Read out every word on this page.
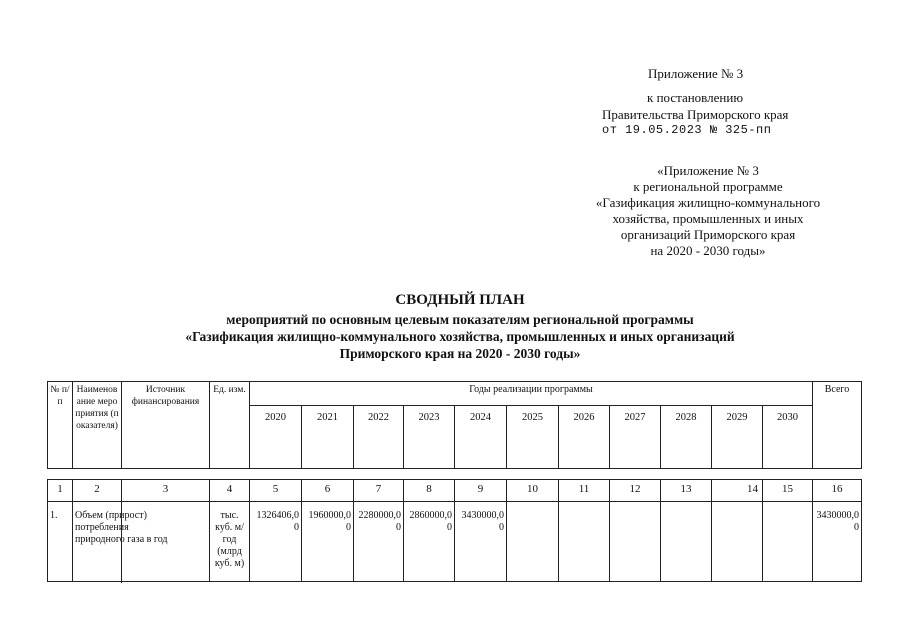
Приложение № 3
к постановлению
Правительства Приморского края
от 19.05.2023 № 325-пп
«Приложение № 3
к региональной программе
«Газификация жилищно-коммунального
хозяйства, промышленных и иных
организаций Приморского края
на 2020 - 2030 годы»
СВОДНЫЙ ПЛАН
мероприятий по основным целевым показателям региональной программы
«Газификация жилищно-коммунального хозяйства, промышленных и иных организаций
Приморского края на 2020 - 2030 годы»
№ п/п	Наименование мероприятия (показателя)	Источник финансирования	Ед. изм.	Годы реализации программы											Всего
				2020	2021	2022	2023	2024	2025	2026	2027	2028	2029	2030	
1	2	3	4	5	6	7	8	9	10	11	12	13	14	15	16
1.	Объем (прирост) потребления природного газа в год		тыс. куб. м/год (млрд куб. м)	1326406,00	1960000,00	2280000,00	2860000,00	3430000,00							3430000,00
